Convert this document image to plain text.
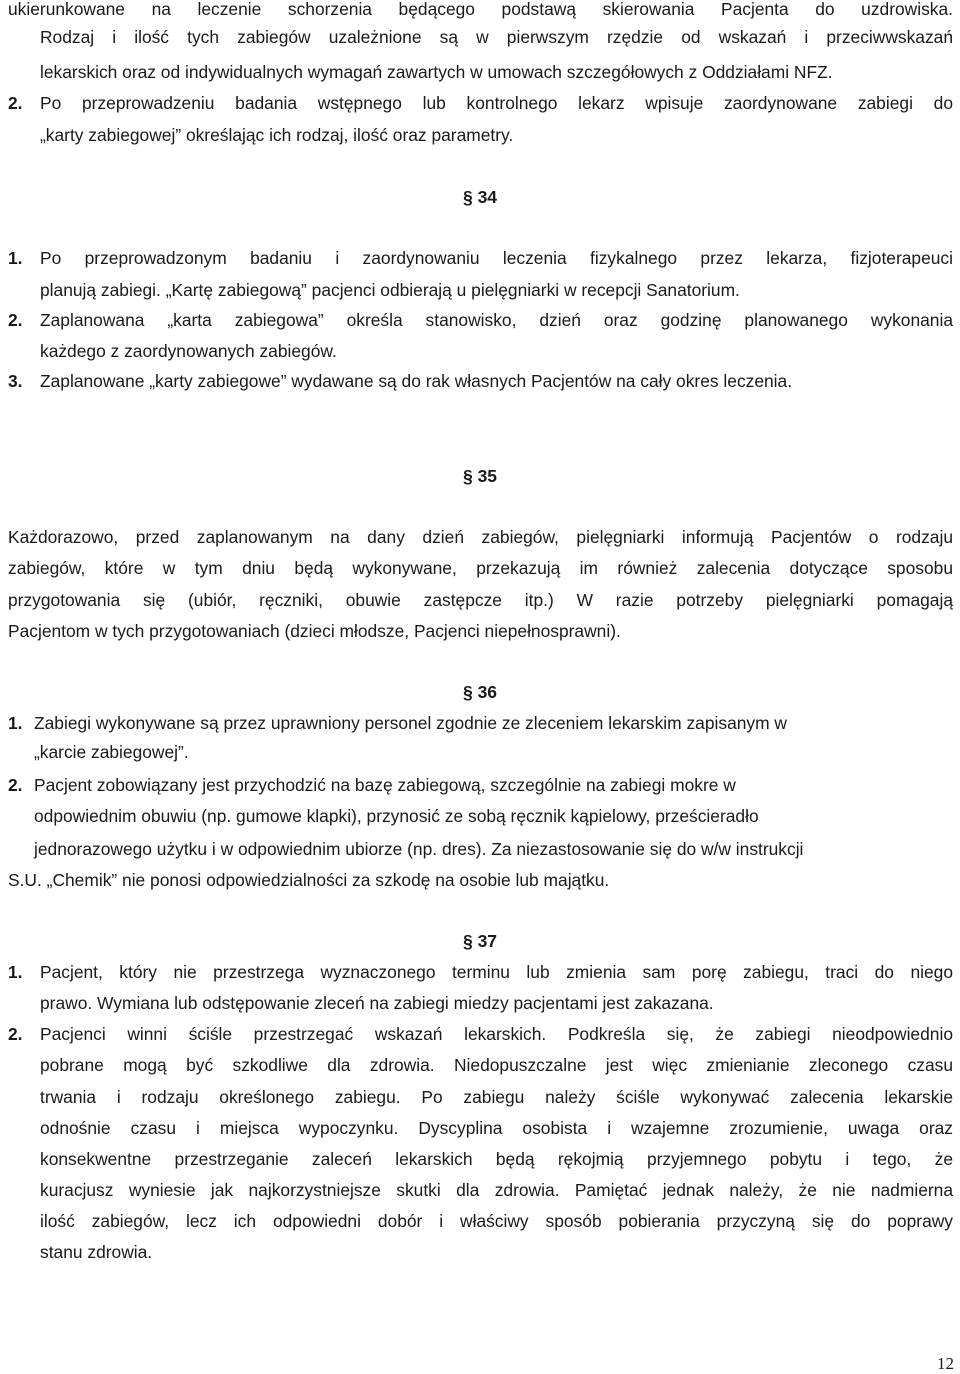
ukierunkowane na leczenie schorzenia będącego podstawą skierowania Pacjenta do uzdrowiska.

Rodzaj i ilość tych zabiegów uzależnione są w pierwszym rzędzie od wskazań i przeciwwskazań

lekarskich oraz od indywidualnych wymagań zawartych w umowach szczegółowych z Oddziałami NFZ.

2. Po przeprowadzeniu badania wstępnego lub kontrolnego lekarz wpisuje zaordynowane zabiegi do

„karty zabiegowej” określając ich rodzaj, ilość oraz parametry.

§ 34
1. Po przeprowadzonym badaniu i zaordynowaniu leczenia fizykalnego przez lekarza, fizjoterapeuci

planują zabiegi. „Kartę zabiegową” pacjenci odbierają u pielęgniarki w recepcji Sanatorium.

2. Zaplanowana „karta zabiegowa” określa stanowisko, dzień oraz godzinę planowanego wykonania

każdego z zaordynowanych zabiegów.

3. Zaplanowane „karty zabiegowe” wydawane są do rak własnych Pacjentów na cały okres leczenia.

§ 35

Każdorazowo, przed zaplanowanym na dany dzień zabiegów, pielęgniarki informują Pacjentów o rodzaju

zabiegów, które w tym dniu będą wykonywane, przekazują im również zalecenia dotyczące sposobu

przygotowania się (ubiór, ręczniki, obuwie zastępcze itp.) W razie potrzeby pielęgniarki pomagają

Pacjentom w tych przygotowaniach (dzieci młodsze, Pacjenci niepełnosprawni).

§ 36
1. Zabiegi wykonywane są przez uprawniony personel zgodnie ze zleceniem lekarskim zapisanym w

„karcie zabiegowej”.

2. Pacjent zobowiązany jest przychodzić na bazę zabiegową, szczególnie na zabiegi mokre w

odpowiednim obuwiu (np. gumowe klapki), przynosić ze sobą ręcznik kąpielowy, prześcieradło

jednorazowego użytku i w odpowiednim ubiorze (np. dres). Za niezastosowanie się do w/w instrukcji

S.U. „Chemik” nie ponosi odpowiedzialności za szkodę na osobie lub majątku.

§ 37
1. Pacjent, który nie przestrzega wyznaczonego terminu lub zmienia sam porę zabiegu, traci do niego

prawo. Wymiana lub odstępowanie zleceń na zabiegi miedzy pacjentami jest zakazana.

2. Pacjenci winni ściśle przestrzegać wskazań lekarskich. Podkreśla się, że zabiegi nieodpowiednio

pobrane mogą być szkodliwe dla zdrowia. Niedopuszczalne jest więc zmienianie zleconego czasu

trwania i rodzaju określonego zabiegu. Po zabiegu należy ściśle wykonywać zalecenia lekarskie

odnośnie czasu i miejsca wypoczynku. Dyscyplina osobista i wzajemne zrozumienie, uwaga oraz

konsekwentne przestrzeganie zaleceń lekarskich będą rękojmią przyjemnego pobytu i tego, że

kuracjusz wyniesie jak najkorzystniejsze skutki dla zdrowia. Pamiętać jednak należy, że nie nadmierna

ilość zabiegów, lecz ich odpowiedni dobór i właściwy sposób pobierania przyczyną się do poprawy

stanu zdrowia.

12
